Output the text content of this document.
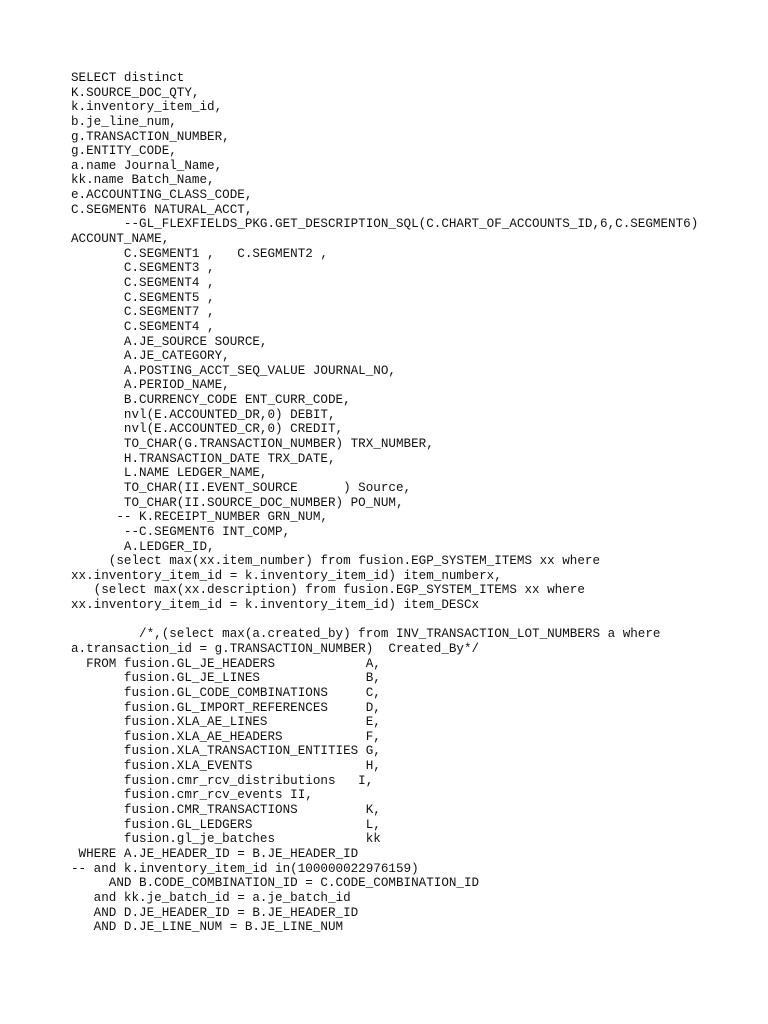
SELECT distinct
K.SOURCE_DOC_QTY,
k.inventory_item_id,
b.je_line_num,
g.TRANSACTION_NUMBER,
g.ENTITY_CODE,
a.name Journal_Name,
kk.name Batch_Name,
e.ACCOUNTING_CLASS_CODE,
C.SEGMENT6 NATURAL_ACCT,
--GL_FLEXFIELDS_PKG.GET_DESCRIPTION_SQL(C.CHART_OF_ACCOUNTS_ID,6,C.SEGMENT6)
ACCOUNT_NAME,
C.SEGMENT1 ,   C.SEGMENT2 ,
C.SEGMENT3 ,
C.SEGMENT4 ,
C.SEGMENT5 ,
C.SEGMENT7 ,
C.SEGMENT4 ,
A.JE_SOURCE SOURCE,
A.JE_CATEGORY,
A.POSTING_ACCT_SEQ_VALUE JOURNAL_NO,
A.PERIOD_NAME,
B.CURRENCY_CODE ENT_CURR_CODE,
nvl(E.ACCOUNTED_DR,0) DEBIT,
nvl(E.ACCOUNTED_CR,0) CREDIT,
TO_CHAR(G.TRANSACTION_NUMBER) TRX_NUMBER,
H.TRANSACTION_DATE TRX_DATE,
L.NAME LEDGER_NAME,
TO_CHAR(II.EVENT_SOURCE      ) Source,
TO_CHAR(II.SOURCE_DOC_NUMBER) PO_NUM,
-- K.RECEIPT_NUMBER GRN_NUM,
--C.SEGMENT6 INT_COMP,
A.LEDGER_ID,
(select max(xx.item_number) from fusion.EGP_SYSTEM_ITEMS xx where
xx.inventory_item_id = k.inventory_item_id) item_numberx,
(select max(xx.description) from fusion.EGP_SYSTEM_ITEMS xx where
xx.inventory_item_id = k.inventory_item_id) item_DESCx
/*,(select max(a.created_by) from INV_TRANSACTION_LOT_NUMBERS a where
a.transaction_id = g.TRANSACTION_NUMBER)  Created_By*/
FROM fusion.GL_JE_HEADERS            A,
fusion.GL_JE_LINES              B,
fusion.GL_CODE_COMBINATIONS     C,
fusion.GL_IMPORT_REFERENCES     D,
fusion.XLA_AE_LINES             E,
fusion.XLA_AE_HEADERS           F,
fusion.XLA_TRANSACTION_ENTITIES G,
fusion.XLA_EVENTS               H,
fusion.cmr_rcv_distributions   I,
fusion.cmr_rcv_events II,
fusion.CMR_TRANSACTIONS         K,
fusion.GL_LEDGERS               L,
fusion.gl_je_batches            kk
WHERE A.JE_HEADER_ID = B.JE_HEADER_ID
-- and k.inventory_item_id in(100000022976159)
AND B.CODE_COMBINATION_ID = C.CODE_COMBINATION_ID
and kk.je_batch_id = a.je_batch_id
AND D.JE_HEADER_ID = B.JE_HEADER_ID
AND D.JE_LINE_NUM = B.JE_LINE_NUM
